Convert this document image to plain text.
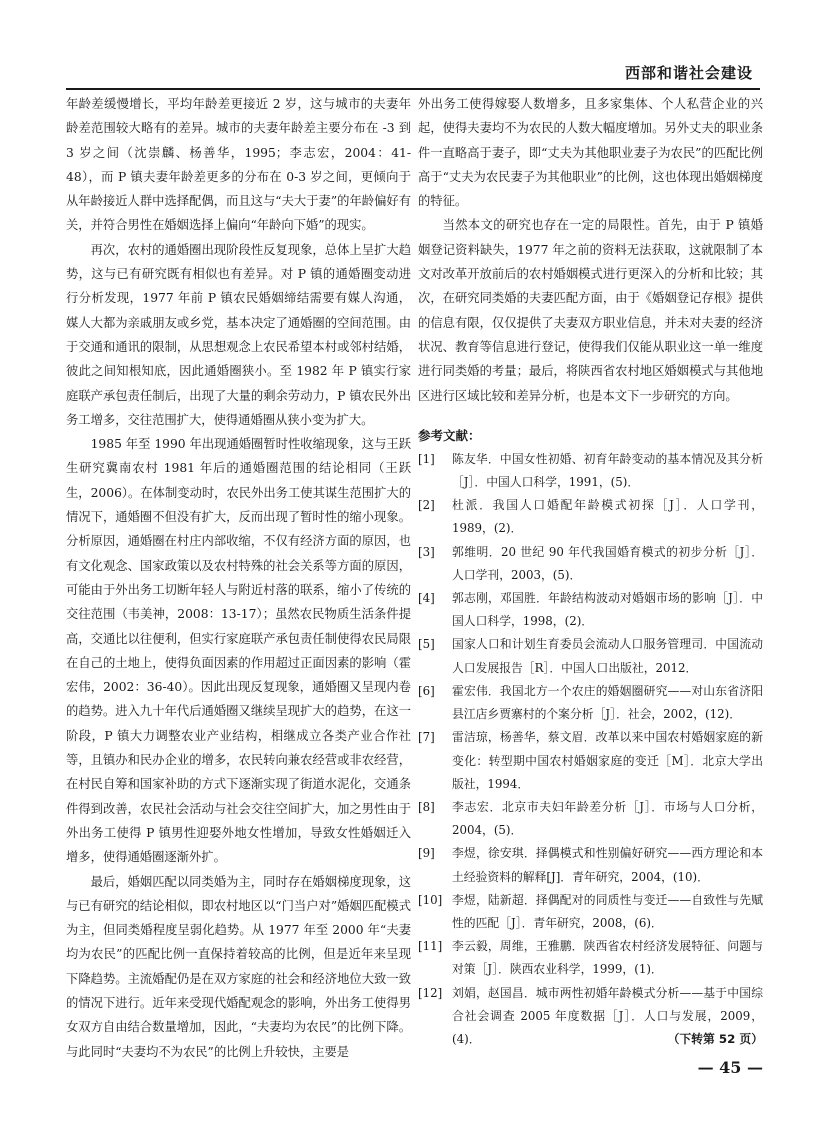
西部和谐社会建设

年龄差缓慢增长，平均年龄差更接近 2 岁，这与城市的夫妻年龄差范围较大略有的差异。城市的夫妻年龄差主要分布在 -3 到 3 岁之间（沈崇麟、杨善华，1995；李志宏，2004：41-48），而 P 镇夫妻年龄差更多的分布在 0-3 岁之间，更倾向于从年龄接近人群中选择配偶，而且这与“夫大于妻”的年龄偏好有关，并符合男性在婚姻选择上偏向“年龄向下婚”的现实。

再次，农村的通婚圈出现阶段性反复现象，总体上呈扩大趋势，这与已有研究既有相似也有差异。对 P 镇的通婚圈变动进行分析发现，1977 年前 P 镇农民婚姻缔结需要有媒人沟通，媒人大都为亲戚朋友或乡党，基本决定了通婚圈的空间范围。由于交通和通讯的限制，从思想观念上农民希望本村或邻村结婚，彼此之间知根知底，因此通婚圈狭小。至 1982 年 P 镇实行家庭联产承包责任制后，出现了大量的剩余劳动力，P 镇农民外出务工增多，交往范围扩大，使得通婚圈从狭小变为扩大。

1985 年至 1990 年出现通婚圈暂时性收缩现象，这与王跃生研究冀南农村 1981 年后的通婚圈范围的结论相同（王跃生，2006）。在体制变动时，农民外出务工使其谋生范围扩大的情况下，通婚圈不但没有扩大，反而出现了暂时性的缩小现象。分析原因，通婚圈在村庄内部收缩，不仅有经济方面的原因，也有文化观念、国家政策以及农村特殊的社会关系等方面的原因，可能由于外出务工切断年轻人与附近村落的联系，缩小了传统的交往范围（韦美神，2008：13-17）；虽然农民物质生活条件提高，交通比以往便利，但实行家庭联产承包责任制使得农民局限在自己的土地上，使得负面因素的作用超过正面因素的影响（霍宏伟，2002：36-40）。因此出现反复现象，通婚圈又呈现内卷的趋势。进入九十年代后通婚圈又继续呈现扩大的趋势，在这一阶段，P 镇大力调整农业产业结构，相继成立各类产业合作社等，且镇办和民办企业的增多，农民转向兼农经营或非农经营，在村民自筹和国家补助的方式下逐渐实现了街道水泥化，交通条件得到改善，农民社会活动与社会交往空间扩大，加之男性由于外出务工使得 P 镇男性迎娶外地女性增加，导致女性婚姻迁入增多，使得通婚圈逐渐外扩。

最后，婚姻匹配以同类婚为主，同时存在婚姻梯度现象，这与已有研究的结论相似，即农村地区以“门当户对”婚姻匹配模式为主，但同类婚程度呈弱化趋势。从 1977 年至 2000 年“夫妻均为农民”的匹配比例一直保持着较高的比例，但是近年来呈现下降趋势。主流婚配仍是在双方家庭的社会和经济地位大致一致的情况下进行。近年来受现代婚配观念的影响，外出务工使得男女双方自由结合数量增加，因此，“夫妻均为农民”的比例下降。与此同时“夫妻均不为农民”的比例上升较快，主要是

外出务工使得嫁娶人数增多，且多家集体、个人私营企业的兴起，使得夫妻均不为农民的人数大幅度增加。另外丈夫的职业条件一直略高于妻子，即“丈夫为其他职业妻子为农民”的匹配比例高于“丈夫为农民妻子为其他职业”的比例，这也体现出婚姻梯度的特征。

当然本文的研究也存在一定的局限性。首先，由于 P 镇婚姻登记资料缺失，1977 年之前的资料无法获取，这就限制了本文对改革开放前后的农村婚姻模式进行更深入的分析和比较；其次，在研究同类婚的夫妻匹配方面，由于《婚姻登记存根》提供的信息有限，仅仅提供了夫妻双方职业信息，并未对夫妻的经济状况、教育等信息进行登记，使得我们仅能从职业这一单一维度进行同类婚的考量；最后，将陕西省农村地区婚姻模式与其他地区进行区域比较和差异分析，也是本文下一步研究的方向。

参考文献：
[1]	陈友华．中国女性初婚、初育年龄变动的基本情况及其分析［J］．中国人口科学，1991，(5)．
[2]	杜派．我国人口婚配年龄模式初探［J］．人口学刊，1989，(2)．
[3]	郭维明．20 世纪 90 年代我国婚育模式的初步分析［J］．人口学刊，2003，(5)．
[4]	郭志刚，邓国胜．年龄结构波动对婚姻市场的影响［J］．中国人口科学，1998，(2)．
[5]	国家人口和计划生育委员会流动人口服务管理司．中国流动人口发展报告［R］．中国人口出版社，2012．
[6]	霍宏伟．我国北方一个农庄的婚姻圈研究——对山东省济阳县江店乡贾寨村的个案分析［J］．社会，2002，(12)．
[7]	雷洁琼，杨善华，蔡文眉．改革以来中国农村婚姻家庭的新变化：转型期中国农村婚姻家庭的变迁［M］．北京大学出版社，1994．
[8]	李志宏．北京市夫妇年龄差分析［J］．市场与人口分析，2004，(5)．
[9]	李煜，徐安琪．择偶模式和性别偏好研究——西方理论和本土经验资料的解释[J]．青年研究，2004，(10)．
[10] 李煜，陆新超．择偶配对的同质性与变迁——自致性与先赋性的匹配［J］．青年研究，2008，(6)．
[11] 李云毅，周维，王雅鹏．陕西省农村经济发展特征、问题与对策［J］．陕西农业科学，1999，(1)．
[12] 刘娟，赵国昌．城市两性初婚年龄模式分析——基于中国综合社会调查 2005 年度数据［J］．人口与发展，2009，(4)．	（下转第 52 页）
— 45 —
